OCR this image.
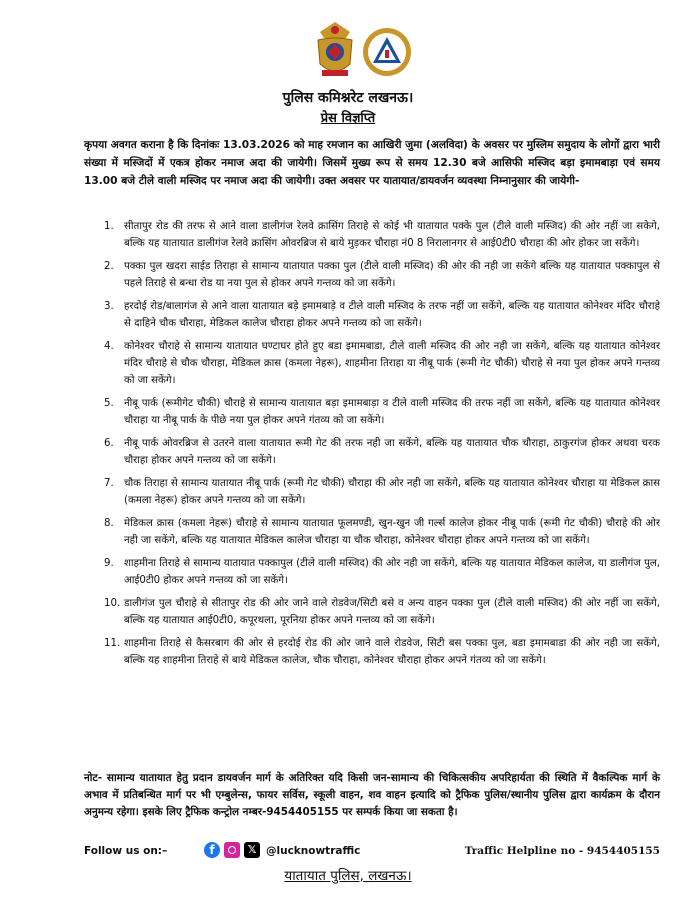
पुलिस कमिश्नरेट लखनऊ।
प्रेस विज्ञप्ति

कृपया अवगत कराना है कि दिनांकः 13.03.2026 को माह रमजान का आखिरी जुमा (अलविदा) के अवसर पर मुस्लिम समुदाय के लोगों द्वारा भारी संख्या में मस्जिदों में एकत्र होकर नमाज अदा की जायेगी। जिसमें मुख्य रूप से समय 12.30 बजे आसिफी मस्जिद बड़ा इमामबाड़ा एवं समय 13.00 बजे टीले वाली मस्जिद पर नमाज अदा की जायेगी। उक्त अवसर पर यातायात/डायवर्जन व्यवस्था निम्नानुसार की जायेगी-

1. सीतापुर रोड की तरफ से आने वाला डालीगंज रेलवे क्रासिंग तिराहे से कोई भी यातायात पक्के पुल (टीले वाली मस्जिद) की ओर नहीं जा सकेगे, बल्कि यह यातायात डालीगंज रेलवे क्रासिंग ओवरब्रिज से बाये मुड़कर चौराहा नं0 8 निरालानगर से आई0टी0 चौराहा की ओर होकर जा सकेंगे।
2. पक्का पुल खदरा साईड तिराहा से सामान्य यातायात पक्का पुल (टीले वाली मस्जिद) की ओर की नही जा सकेंगे बल्कि यह यातायात पक्कापुल से पहले तिराहे से बन्धा रोड या नया पुल से होकर अपने गन्तव्य को जा सकेंगे।
3. हरदोई रोड/बालागंज से आने वाला यातायात बड़े इमामबाड़े व टीले वाली मस्जिद के तरफ नहीं जा सकेंगे, बल्कि यह यातायात कोनेश्वर मंदिर चौराहे से दाहिने चौक चौराहा, मेडिकल कालेज चौराहा होकर अपने गन्तव्य को जा सकेंगे।
4. कोनेश्वर चौराहे से सामान्य यातायात घण्टाघर होते हुए बडा इमामबाडा, टीले वाली मस्जिद की ओर नही जा सकेंगे, बल्कि यह यातायात कोनेश्वर मंदिर चौराहे से चौक चौराहा, मेडिकल क्रास (कमला नेहरू), शाहमीना तिराहा या नीबू पार्क (रूमी गेट चौकी) चौराहे से नया पुल होकर अपने गन्तव्य को जा सकेंगे।
5. नीबू पार्क (रूमीगेट चौकी) चौराहे से सामान्य यातायात बड़ा इमामबाड़ा व टीले वाली मस्जिद की तरफ नहीं जा सकेंगे, बल्कि यह यातायात कोनेश्वर चौराहा या नीबू पार्क के पीछे नया पुल होकर अपने गंतव्य को जा सकेंगे।
6. नीबू पार्क ओवरब्रिज से उतरने वाला यातायात रूमी गेट की तरफ नही जा सकेंगे, बल्कि यह यातायात चौक चौराहा, ठाकुरगंज होकर अथवा चरक चौराहा होकर अपने गन्तव्य को जा सकेंगे।
7. चौक तिराहा से सामान्य यातायात नीबू पार्क (रूमी गेट चौकी) चौराहा की ओर नही जा सकेंगे, बल्कि यह यातायात कोनेश्वर चौराहा या मेडिकल क्रास (कमला नेहरू) होकर अपने गन्तव्य को जा सकेंगे।
8. मेडिकल क्रास (कमला नेहरू) चौराहे से सामान्य यातायात फूलमण्डी, खुन-खुन जी गर्ल्स कालेज होकर नीबू पार्क (रूमी गेट चौकी) चौराहे की ओर नही जा सकेंगे, बल्कि यह यातायात मेडिकल कालेज चौराहा या चौक चौराहा, कोनेश्वर चौराहा होकर अपने गन्तव्य को जा सकेंगे।
9. शाहमीना तिराहे से सामान्य यातायात पक्कापुल (टीले वाली मस्जिद) की ओर नही जा सकेंगे, बल्कि यह यातायात मेडिकल कालेज, या डालीगंज पुल, आई0टी0 होकर अपने गन्तव्य को जा सकेंगे।
10. डालीगंज पुल चौराहे से सीतापुर रोड की ओर जाने वाले रोडवेज/सिटी बसे व अन्य वाहन पक्का पुल (टीले वाली मस्जिद) की ओर नहीं जा सकेंगे, बल्कि यह यातायात आई0टी0, कपूरथला, पूरनिया होकर अपने गन्तव्य को जा सकेंगे।
11. शाहमीना तिराहे से कैसरबाग की ओर से हरदोई रोड की ओर जाने वाले रोडवेज, सिटी बस पक्का पुल, बडा इमामबाडा की ओर नही जा सकेंगे, बल्कि यह शाहमीना तिराहे से बाये मेडिकल कालेज, चौक चौराहा, कोनेश्वर चौराहा होकर अपने गंतव्य को जा सकेंगे।

नोट- सामान्य यातायात हेतु प्रदान डायवर्जन मार्ग के अतिरिक्त यदि किसी जन-सामान्य की चिकित्सकीय अपरिहार्यता की स्थिति में वैकल्पिक मार्ग के अभाव में प्रतिबन्धित मार्ग पर भी एम्बुलेन्स, फायर सर्विस, स्कूली वाहन, शव वाहन इत्यादि को ट्रैफिक पुलिस/स्थानीय पुलिस द्वारा कार्यक्रम के दौरान अनुमन्य रहेगा। इसके लिए ट्रैफिक कन्ट्रोल नम्बर-9454405155 पर सम्पर्क किया जा सकता है।

Follow us on:–	f	𝕏 @lucknowtraffic	Traffic Helpline no - 9454405155
यातायात पुलिस, लखनऊ।
